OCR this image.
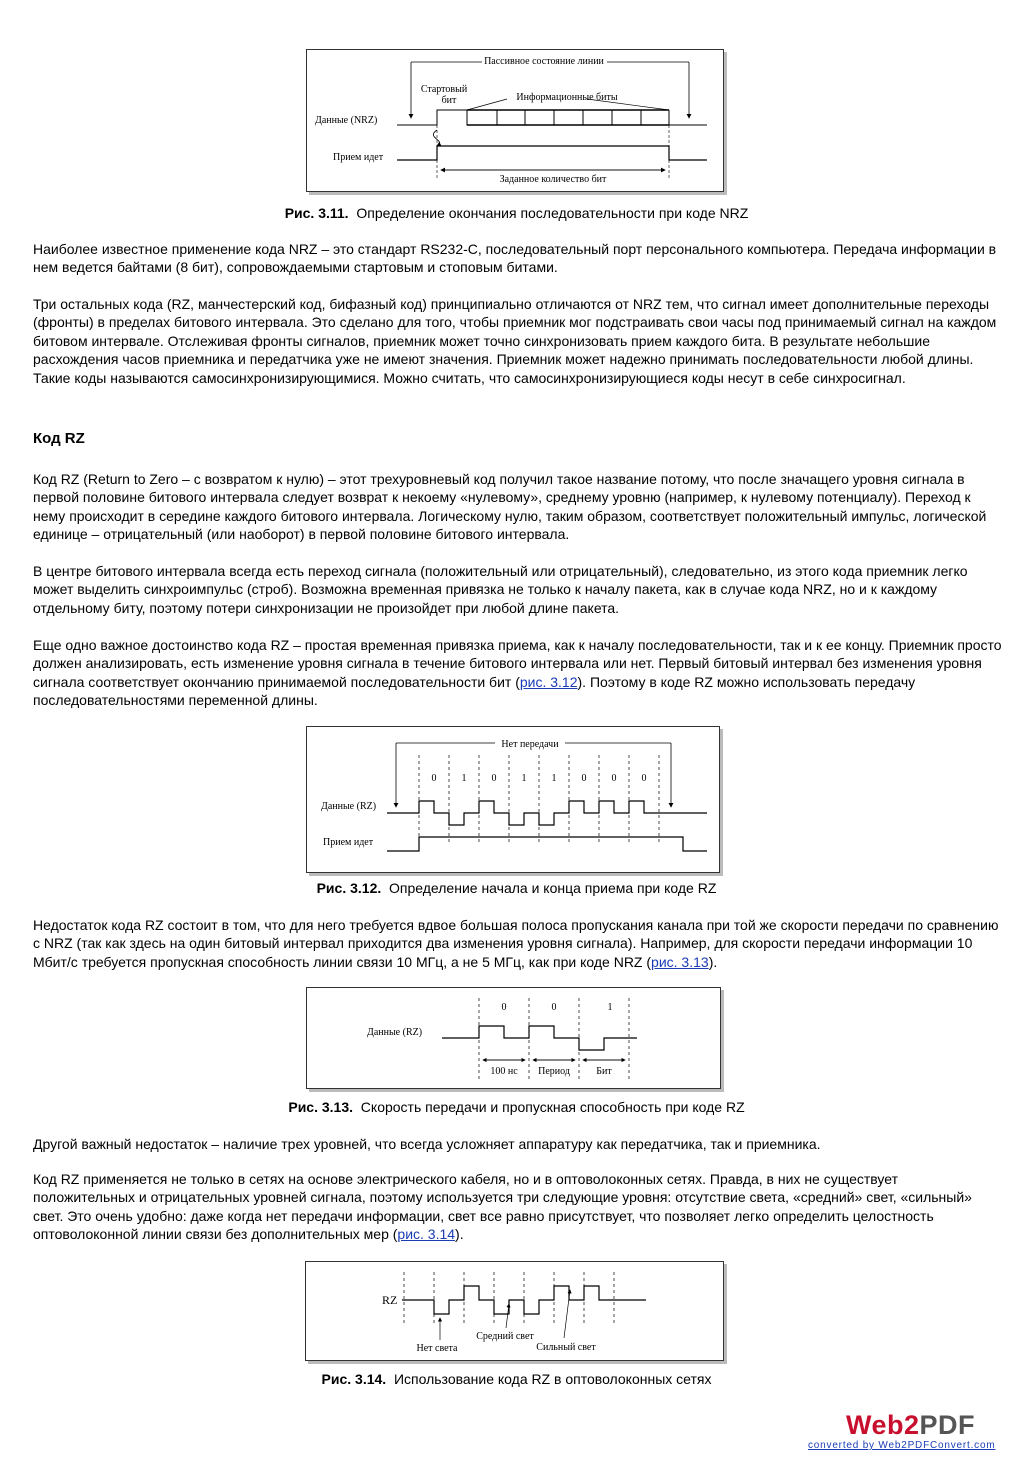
Пассивное состояние линии
Стартовый
бит	Информационные биты
Данные (NRZ)
Прием идет
Заданное количество бит
Рис. 3.11. Определение окончания последовательности при коде NRZ

Наиболее известное применение кода NRZ – это стандарт RS232-C, последовательный порт персонального компьютера. Передача информации в нем ведется байтами (8 бит), сопровождаемыми стартовым и стоповым битами.

Три остальных кода (RZ, манчестерский код, бифазный код) принципиально отличаются от NRZ тем, что сигнал имеет дополнительные переходы (фронты) в пределах битового интервала. Это сделано для того, чтобы приемник мог подстраивать свои часы под принимаемый сигнал на каждом битовом интервале. Отслеживая фронты сигналов, приемник может точно синхронизовать прием каждого бита. В результате небольшие расхождения часов приемника и передатчика уже не имеют значения. Приемник может надежно принимать последовательности любой длины. Такие коды называются самосинхронизирующимися. Можно считать, что самосинхронизирующиеся коды несут в себе синхросигнал.

Код RZ

Код RZ (Return to Zero – с возвратом к нулю) – этот трехуровневый код получил такое название потому, что после значащего уровня сигнала в первой половине битового интервала следует возврат к некоему «нулевому», среднему уровню (например, к нулевому потенциалу). Переход к нему происходит в середине каждого битового интервала. Логическому нулю, таким образом, соответствует положительный импульс, логической единице – отрицательный (или наоборот) в первой половине битового интервала.

В центре битового интервала всегда есть переход сигнала (положительный или отрицательный), следовательно, из этого кода приемник легко может выделить синхроимпульс (строб). Возможна временная привязка не только к началу пакета, как в случае кода NRZ, но и к каждому отдельному биту, поэтому потери синхронизации не произойдет при любой длине пакета.

Еще одно важное достоинство кода RZ – простая временная привязка приема, как к началу последовательности, так и к ее концу. Приемник просто должен анализировать, есть изменение уровня сигнала в течение битового интервала или нет. Первый битовый интервал без изменения уровня сигнала соответствует окончанию принимаемой последовательности бит (рис. 3.12). Поэтому в коде RZ можно использовать передачу последовательностями переменной длины.

Нет передачи
0	1	0	1	1	0	0	0
Данные (RZ)
Прием идет
Рис. 3.12. Определение начала и конца приема при коде RZ

Недостаток кода RZ состоит в том, что для него требуется вдвое большая полоса пропускания канала при той же скорости передачи по сравнению с NRZ (так как здесь на один битовый интервал приходится два изменения уровня сигнала). Например, для скорости передачи информации 10 Мбит/с требуется пропускная способность линии связи 10 МГц, а не 5 МГц, как при коде NRZ (рис. 3.13).

0	0	1
Данные (RZ)
100 нс Период	Бит
Рис. 3.13. Скорость передачи и пропускная способность при коде RZ

Другой важный недостаток – наличие трех уровней, что всегда усложняет аппаратуру как передатчика, так и приемника.

Код RZ применяется не только в сетях на основе электрического кабеля, но и в оптоволоконных сетях. Правда, в них не существует положительных и отрицательных уровней сигнала, поэтому используется три следующие уровня: отсутствие света, «средний» свет, «сильный» свет. Это очень удобно: даже когда нет передачи информации, свет все равно присутствует, что позволяет легко определить целостность оптоволоконной линии связи без дополнительных мер (рис. 3.14).

RZ
Нет света
Средний свет
Сильный свет
Рис. 3.14. Использование кода RZ в оптоволоконных сетях
Web2PDF
converted by Web2PDFConvert.com
